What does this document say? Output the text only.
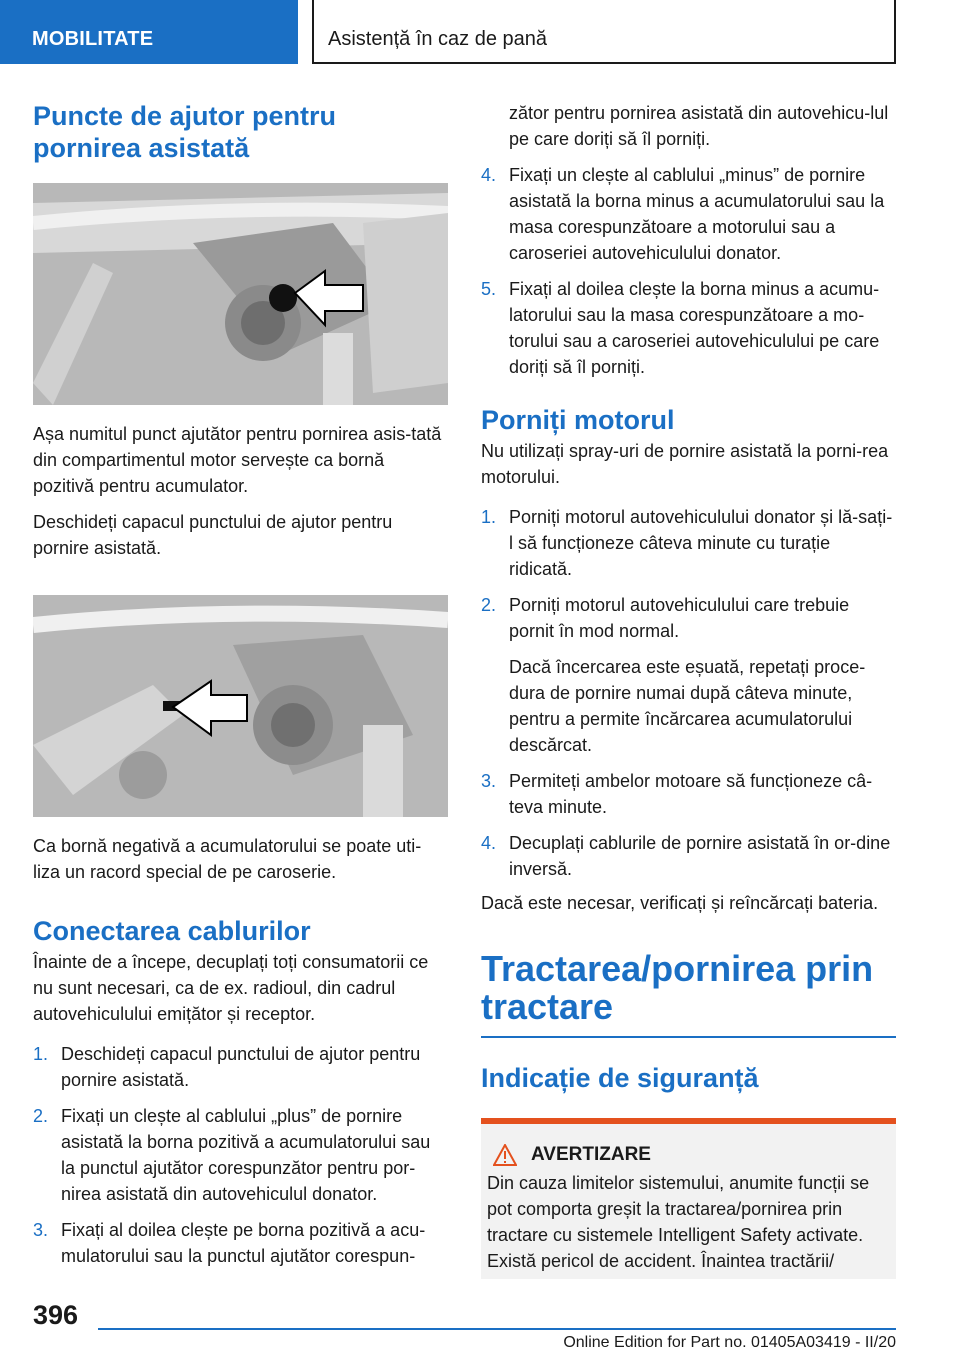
MOBILITATE	Asistență în caz de pană
Puncte de ajutor pentru pornirea asistată

Așa numitul punct ajutător pentru pornirea asis-tată din compartimentul motor servește ca bornă pozitivă pentru acumulator.

Deschideți capacul punctului de ajutor pentru pornire asistată.

Ca bornă negativă a acumulatorului se poate uti-liza un racord special de pe caroserie.

Conectarea cablurilor

Înainte de a începe, decuplați toți consumatorii ce nu sunt necesari, ca de ex. radioul, din cadrul autovehiculului emițător și receptor.

1. Deschideți capacul punctului de ajutor pentru pornire asistată.
2. Fixați un clește al cablului „plus” de pornire asistată la borna pozitivă a acumulatorului sau la punctul ajutător corespunzător pentru por-nirea asistată din autovehiculul donator.
3. Fixați al doilea clește pe borna pozitivă a acu-mulatorului sau la punctul ajutător corespun-

zător pentru pornirea asistată din autovehicu-lul pe care doriți să îl porniți.

4. Fixați un clește al cablului „minus” de pornire asistată la borna minus a acumulatorului sau la masa corespunzătoare a motorului sau a caroseriei autovehiculului donator.
5. Fixați al doilea clește la borna minus a acumu-latorului sau la masa corespunzătoare a mo-torului sau a caroseriei autovehiculului pe care doriți să îl porniți.
Porniți motorul

Nu utilizați spray-uri de pornire asistată la porni-rea motorului.

1. Porniți motorul autovehiculului donator și lă-sați-l să funcționeze câteva minute cu turație ridicată.
2. Porniți motorul autovehiculului care trebuie pornit în mod normal.
Dacă încercarea este eșuată, repetați proce-dura de pornire numai după câteva minute, pentru a permite încărcarea acumulatorului descărcat.
3. Permiteți ambelor motoare să funcționeze câ-teva minute.
4. Decuplați cablurile de pornire asistată în or-dine inversă.

Dacă este necesar, verificați și reîncărcați bateria.

Tractarea/pornirea prin tractare
Indicație de siguranță
AVERTIZARE

Din cauza limitelor sistemului, anumite funcții se pot comporta greșit la tractarea/pornirea prin tractare cu sistemele Intelligent Safety activate. Există pericol de accident. Înaintea tractării/

396
Online Edition for Part no. 01405A03419 - II/20
